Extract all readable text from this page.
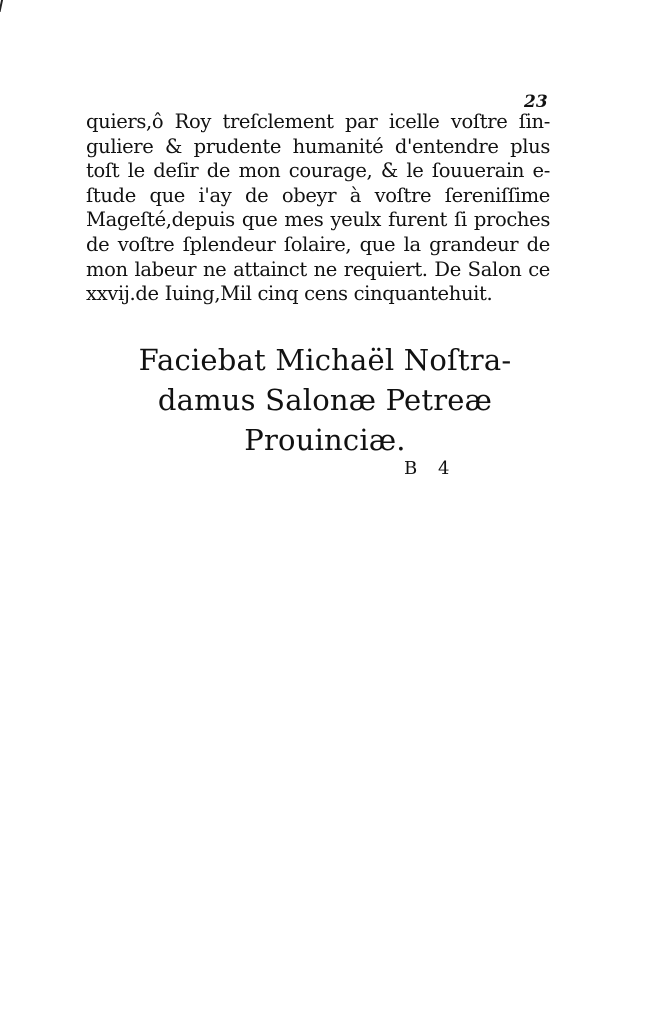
23
quiers,ô Roy treſclement par icelle voſtre ſin-
guliere & prudente humanité d'entendre plus
toſt le deſir de mon courage, & le ſouuerain e-
ſtude que i'ay de obeyr à voſtre ſereniſſime
Mageſté,depuis que mes yeulx furent ſi proches
de voſtre ſplendeur ſolaire, que la grandeur de
mon labeur ne attainct ne requiert. De Salon ce
xxvij.de Iuing,Mil cinq cens cinquantehuit.
Faciebat Michaël Noſtra-
damus Salonæ Petreæ
Prouinciæ.
B 4
